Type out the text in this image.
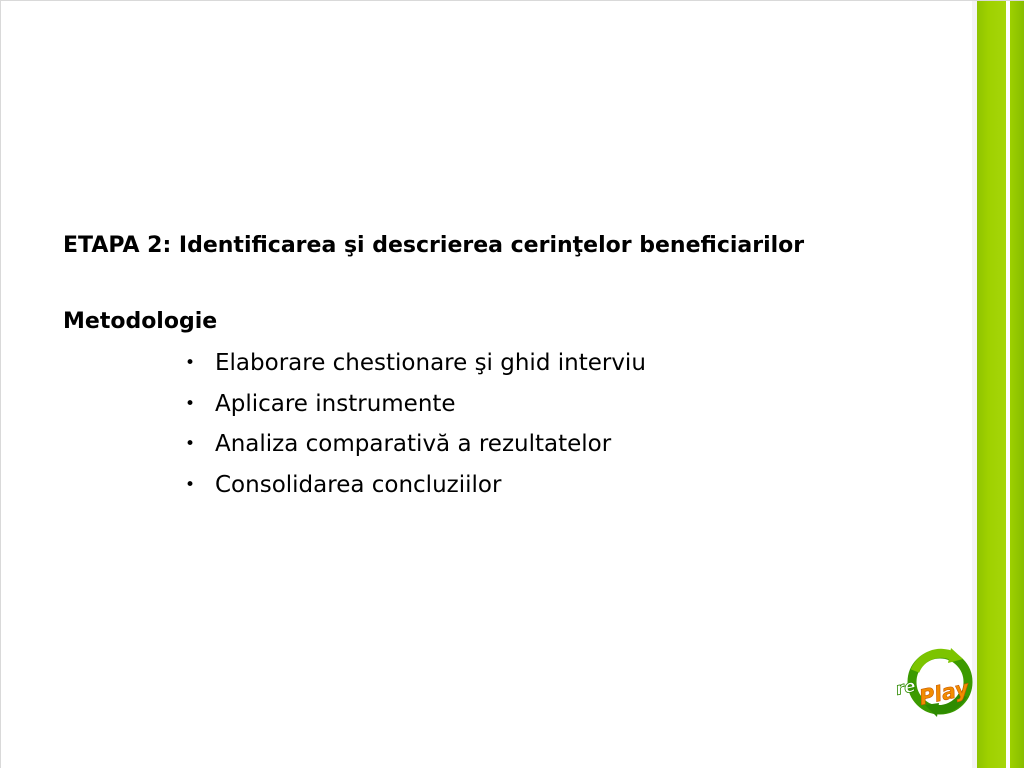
ETAPA 2: Identificarea şi descrierea cerinţelor beneficiarilor

Metodologie

• Elaborare chestionare şi ghid interviu
• Aplicare instrumente
• Analiza comparativă a rezultatelor
• Consolidarea concluziilor
re Play
